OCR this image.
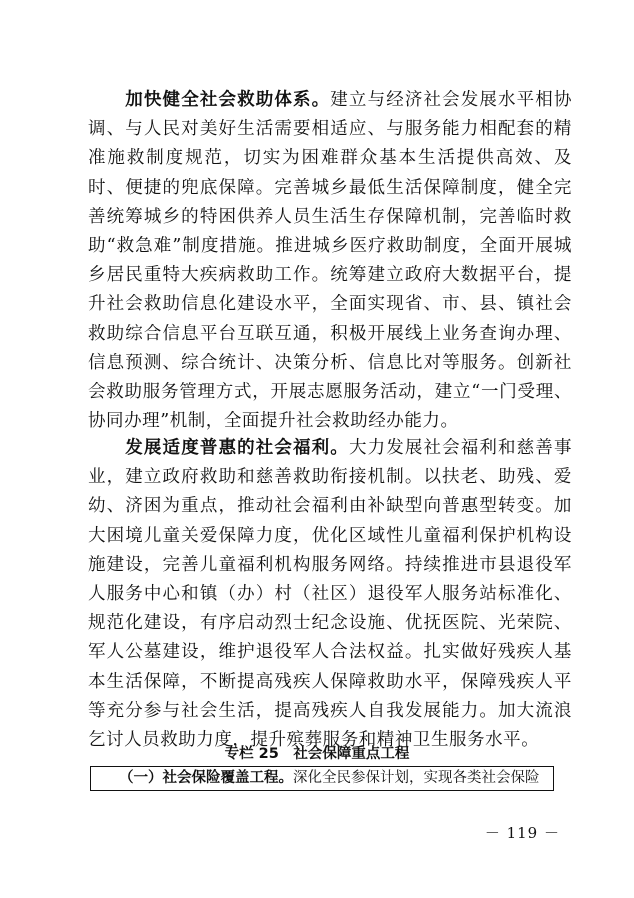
　　加快健全社会救助体系。建立与经济社会发展水平相协调、与人民对美好生活需要相适应、与服务能力相配套的精准施救制度规范，切实为困难群众基本生活提供高效、及时、便捷的兜底保障。完善城乡最低生活保障制度，健全完善统筹城乡的特困供养人员生活生存保障机制，完善临时救助“救急难”制度措施。推进城乡医疗救助制度，全面开展城乡居民重特大疾病救助工作。统筹建立政府大数据平台，提升社会救助信息化建设水平，全面实现省、市、县、镇社会救助综合信息平台互联互通，积极开展线上业务查询办理、信息预测、综合统计、决策分析、信息比对等服务。创新社会救助服务管理方式，开展志愿服务活动，建立“一门受理、协同办理”机制，全面提升社会救助经办能力。

　　发展适度普惠的社会福利。大力发展社会福利和慈善事业，建立政府救助和慈善救助衔接机制。以扶老、助残、爱幼、济困为重点，推动社会福利由补缺型向普惠型转变。加大困境儿童关爱保障力度，优化区域性儿童福利保护机构设施建设，完善儿童福利机构服务网络。持续推进市县退役军人服务中心和镇（办）村（社区）退役军人服务站标准化、规范化建设，有序启动烈士纪念设施、优抚医院、光荣院、军人公墓建设，维护退役军人合法权益。扎实做好残疾人基本生活保障，不断提高残疾人保障救助水平，保障残疾人平等充分参与社会生活，提高残疾人自我发展能力。加大流浪乞讨人员救助力度，提升殡葬服务和精神卫生服务水平。

专栏 25　社会保障重点工程
（一）社会保险覆盖工程。深化全民参保计划，实现各类社会保险
－ 119 －
